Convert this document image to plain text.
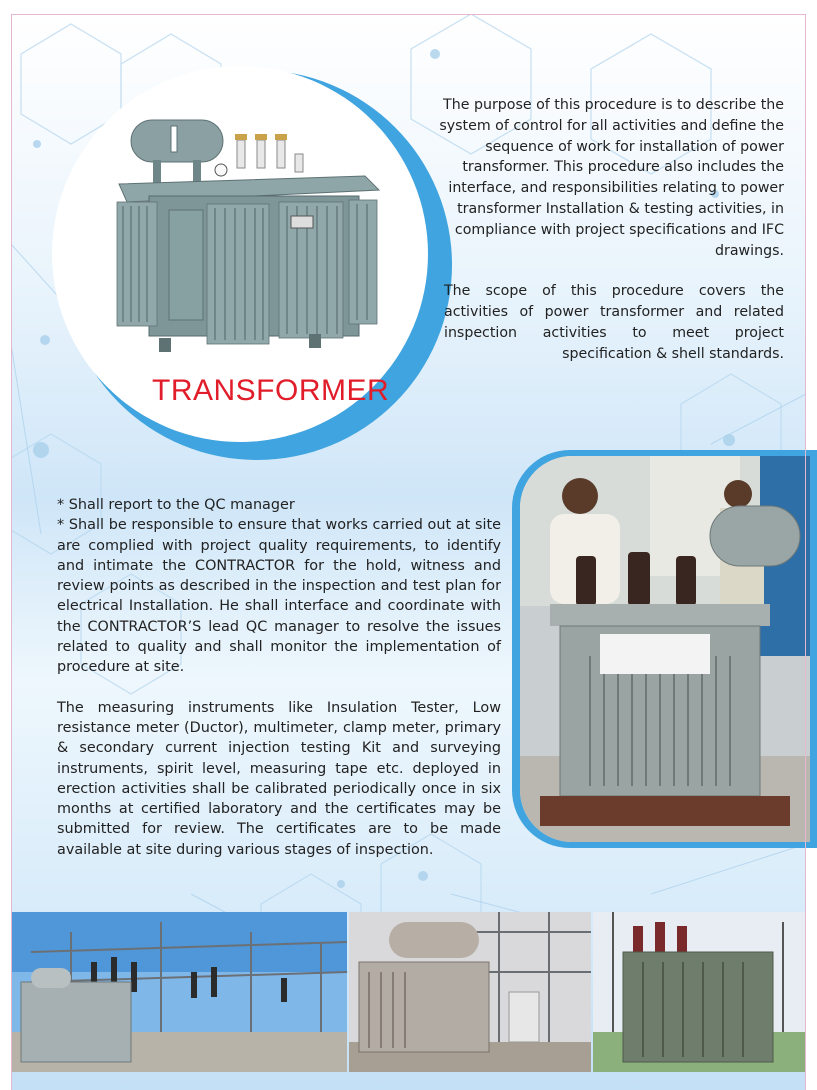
TRANSFORMER

The purpose of this procedure is to describe the system of control for all activities and define the sequence of work for installation of power transformer. This procedure also includes the interface, and responsibilities relating to power transformer Installation & testing activities, in compliance with project specifications and IFC drawings.

The scope of this procedure covers the activities of power transformer and related inspection activities to meet project specification & shell standards.

* Shall report to the QC manager

* Shall be responsible to ensure that works carried out at site are complied with project quality requirements, to identify and intimate the CONTRACTOR for the hold, witness and review points as described in the inspection and test plan for electrical Installation. He shall interface and coordinate with the CONTRACTOR’S lead QC manager to resolve the issues related to quality and shall monitor the implementation of procedure at site.

The measuring instruments like Insulation Tester, Low resistance meter (Ductor), multimeter, clamp meter, primary & secondary current injection testing Kit and surveying instruments, spirit level, measuring tape etc. deployed in erection activities shall be calibrated periodically once in six months at certified laboratory and the certificates may be submitted for review. The certificates are to be made available at site during various stages of inspection.
